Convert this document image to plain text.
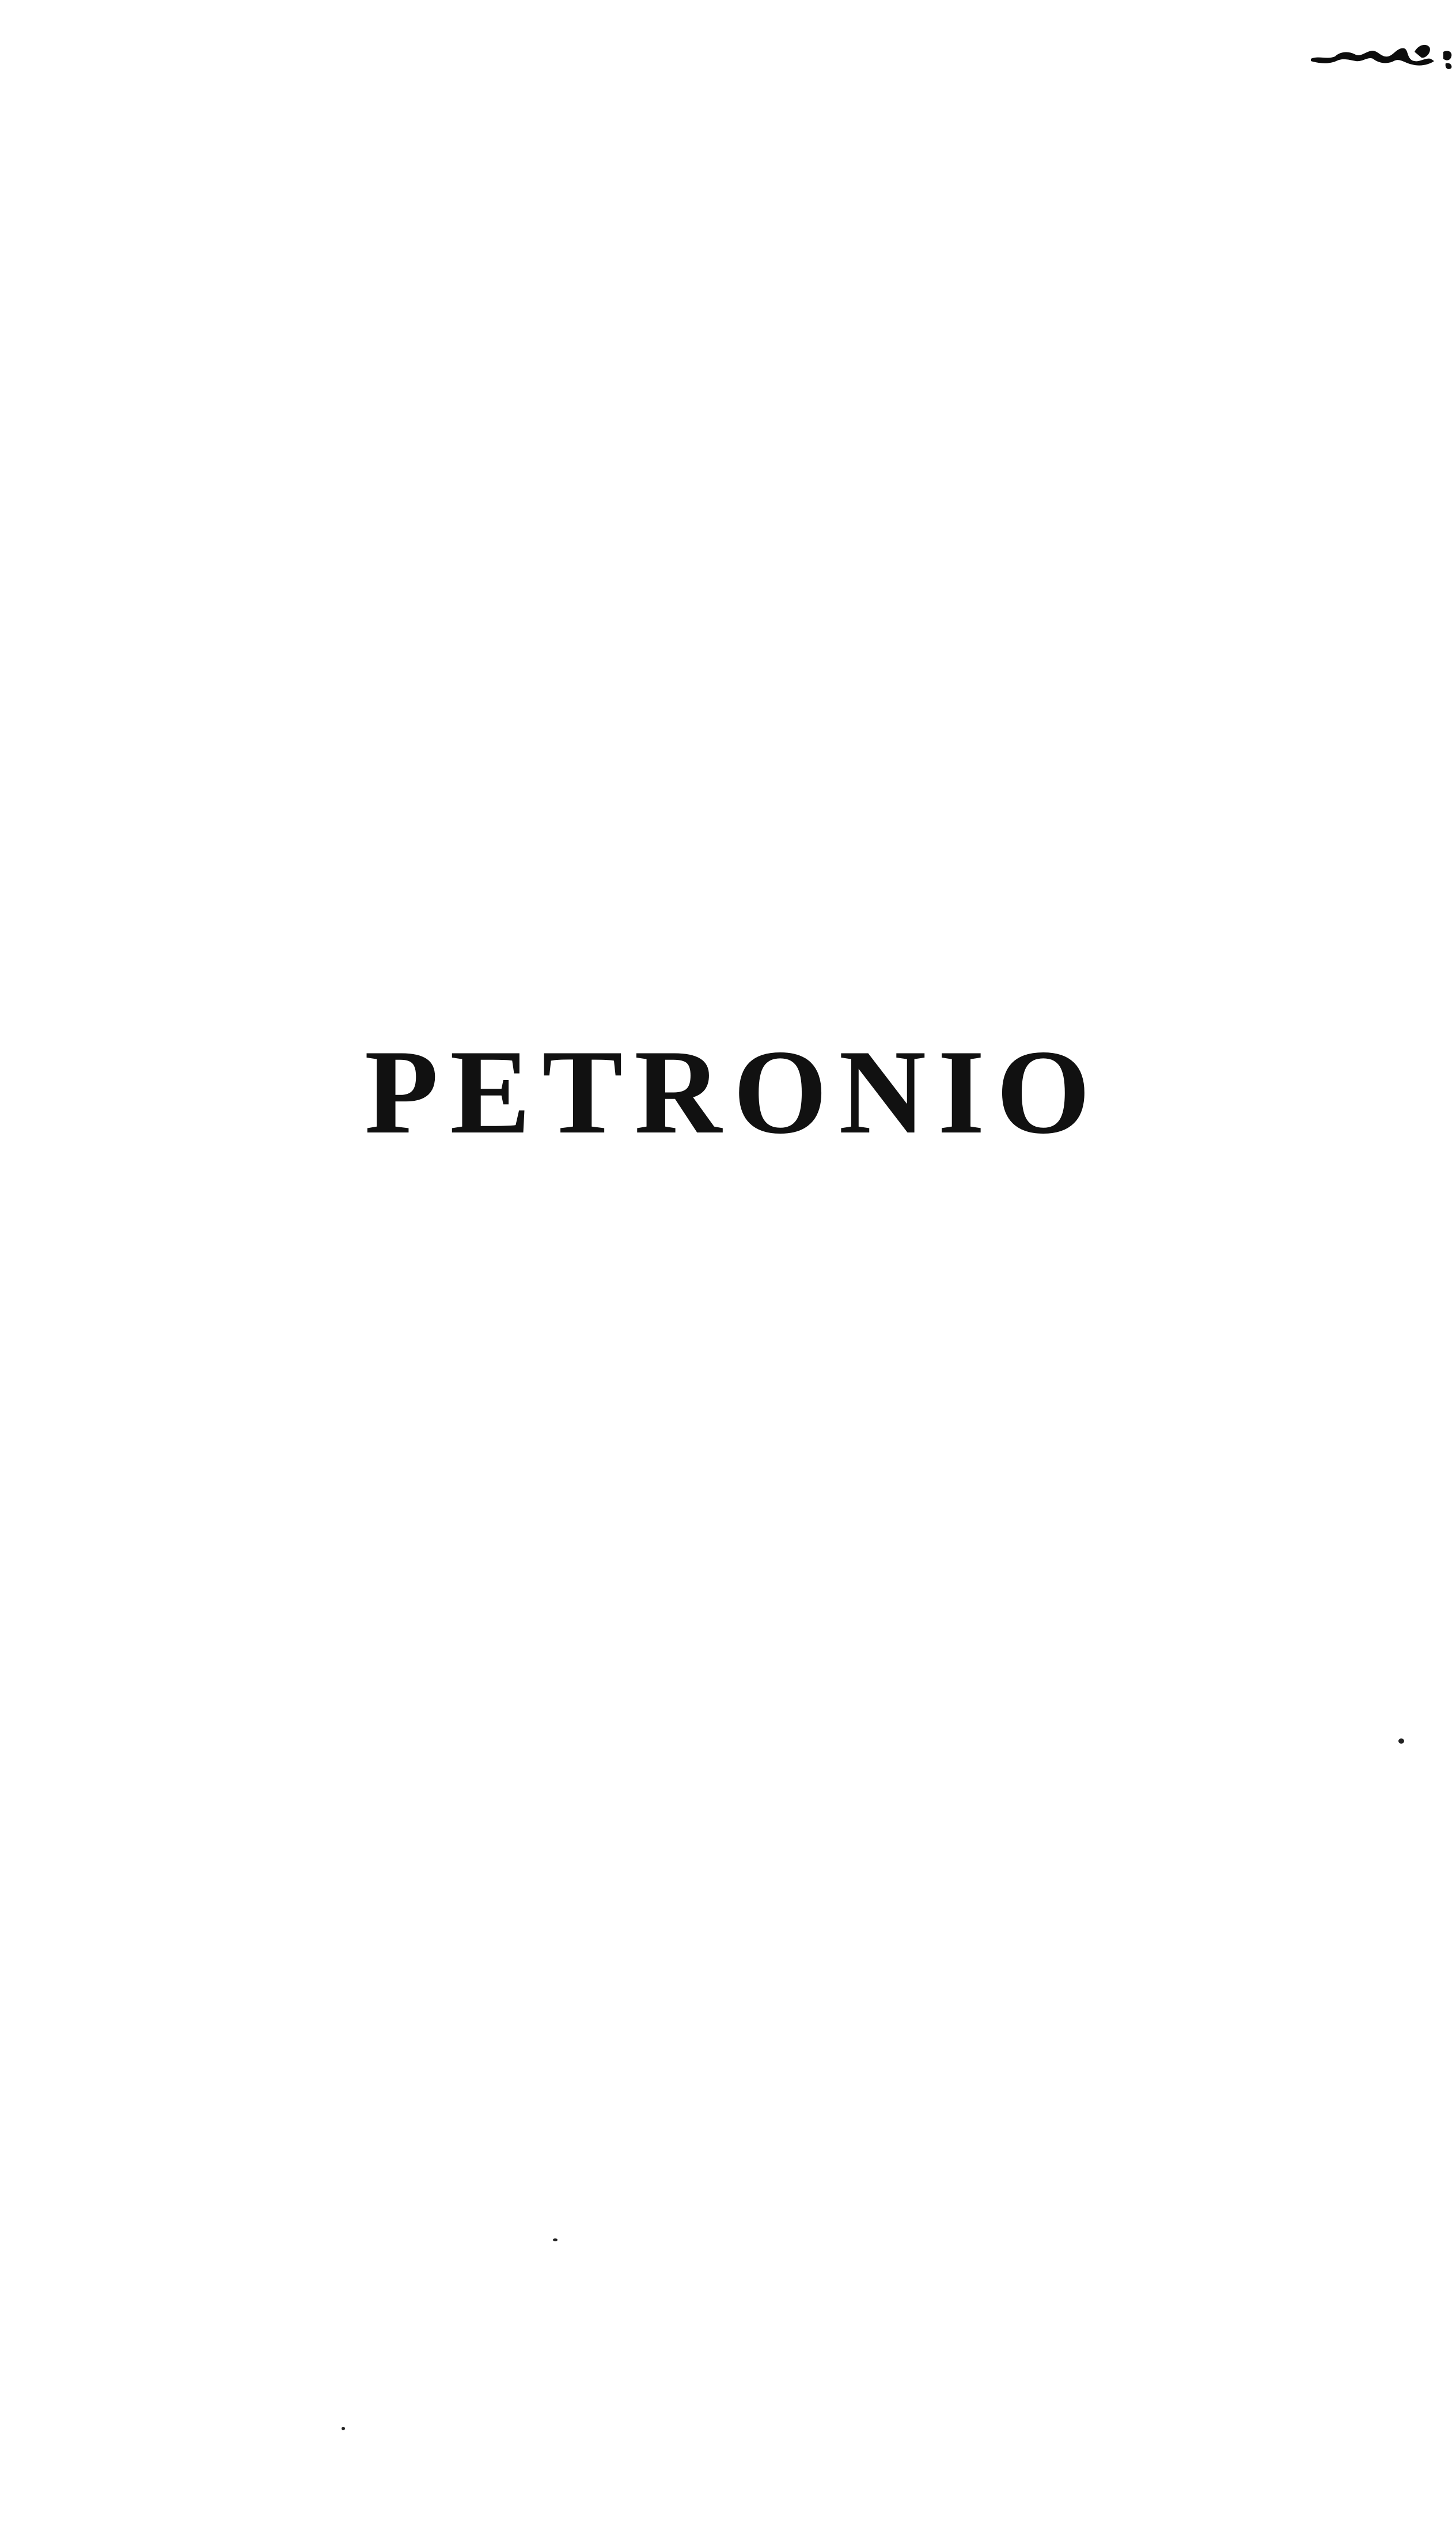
PETRONIO
